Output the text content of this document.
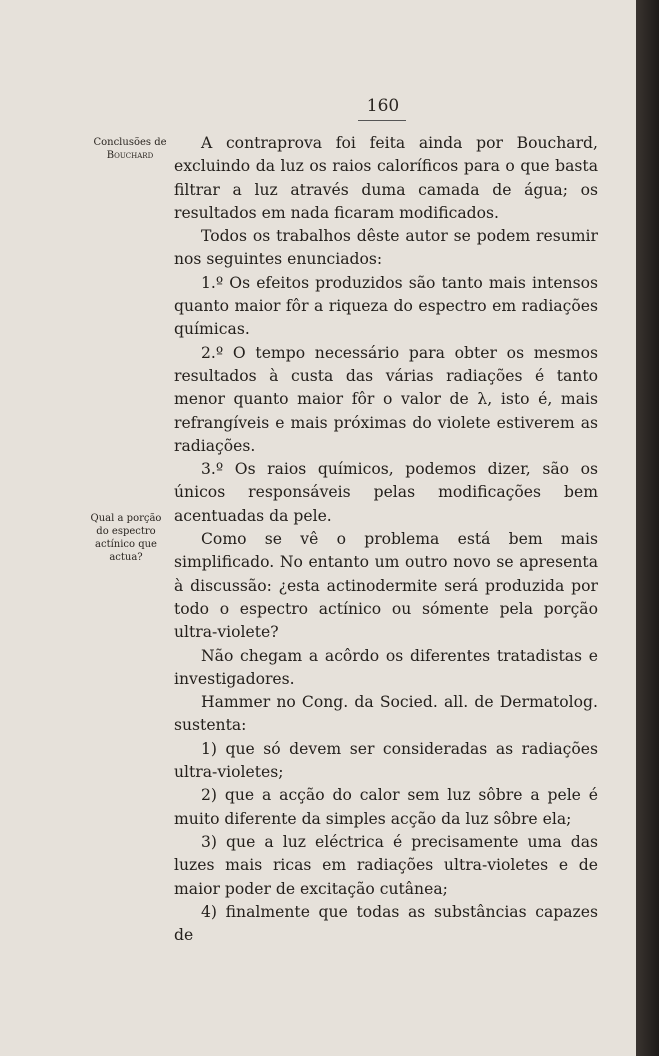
160
Conclusões de
Bouchard
Qual a porção do espectro actínico que actua?

A contraprova foi feita ainda por Bouchard, excluindo da luz os raios caloríficos para o que basta filtrar a luz através duma camada de água; os resultados em nada ficaram modificados.

Todos os trabalhos dêste autor se podem resumir nos seguintes enunciados:

1.º Os efeitos produzidos são tanto mais intensos quanto maior fôr a riqueza do espectro em radiações químicas.

2.º O tempo necessário para obter os mesmos resultados à custa das várias radiações é tanto menor quanto maior fôr o valor de λ, isto é, mais refrangíveis e mais próximas do violete estiverem as radiações.

3.º Os raios químicos, podemos dizer, são os únicos responsáveis pelas modificações bem acentuadas da pele.

Como se vê o problema está bem mais simplificado. No entanto um outro novo se apresenta à discussão: ¿esta actinodermite será produzida por todo o espectro actínico ou sómente pela porção ultra-violete?

Não chegam a acôrdo os diferentes tratadistas e investigadores.

Hammer no Cong. da Socied. all. de Dermatolog. sustenta:

1) que só devem ser consideradas as radiações ultra-violetes;

2) que a acção do calor sem luz sôbre a pele é muito diferente da simples acção da luz sôbre ela;

3) que a luz eléctrica é precisamente uma das luzes mais ricas em radiações ultra-violetes e de maior poder de excitação cutânea;

4) finalmente que todas as substâncias capazes de
